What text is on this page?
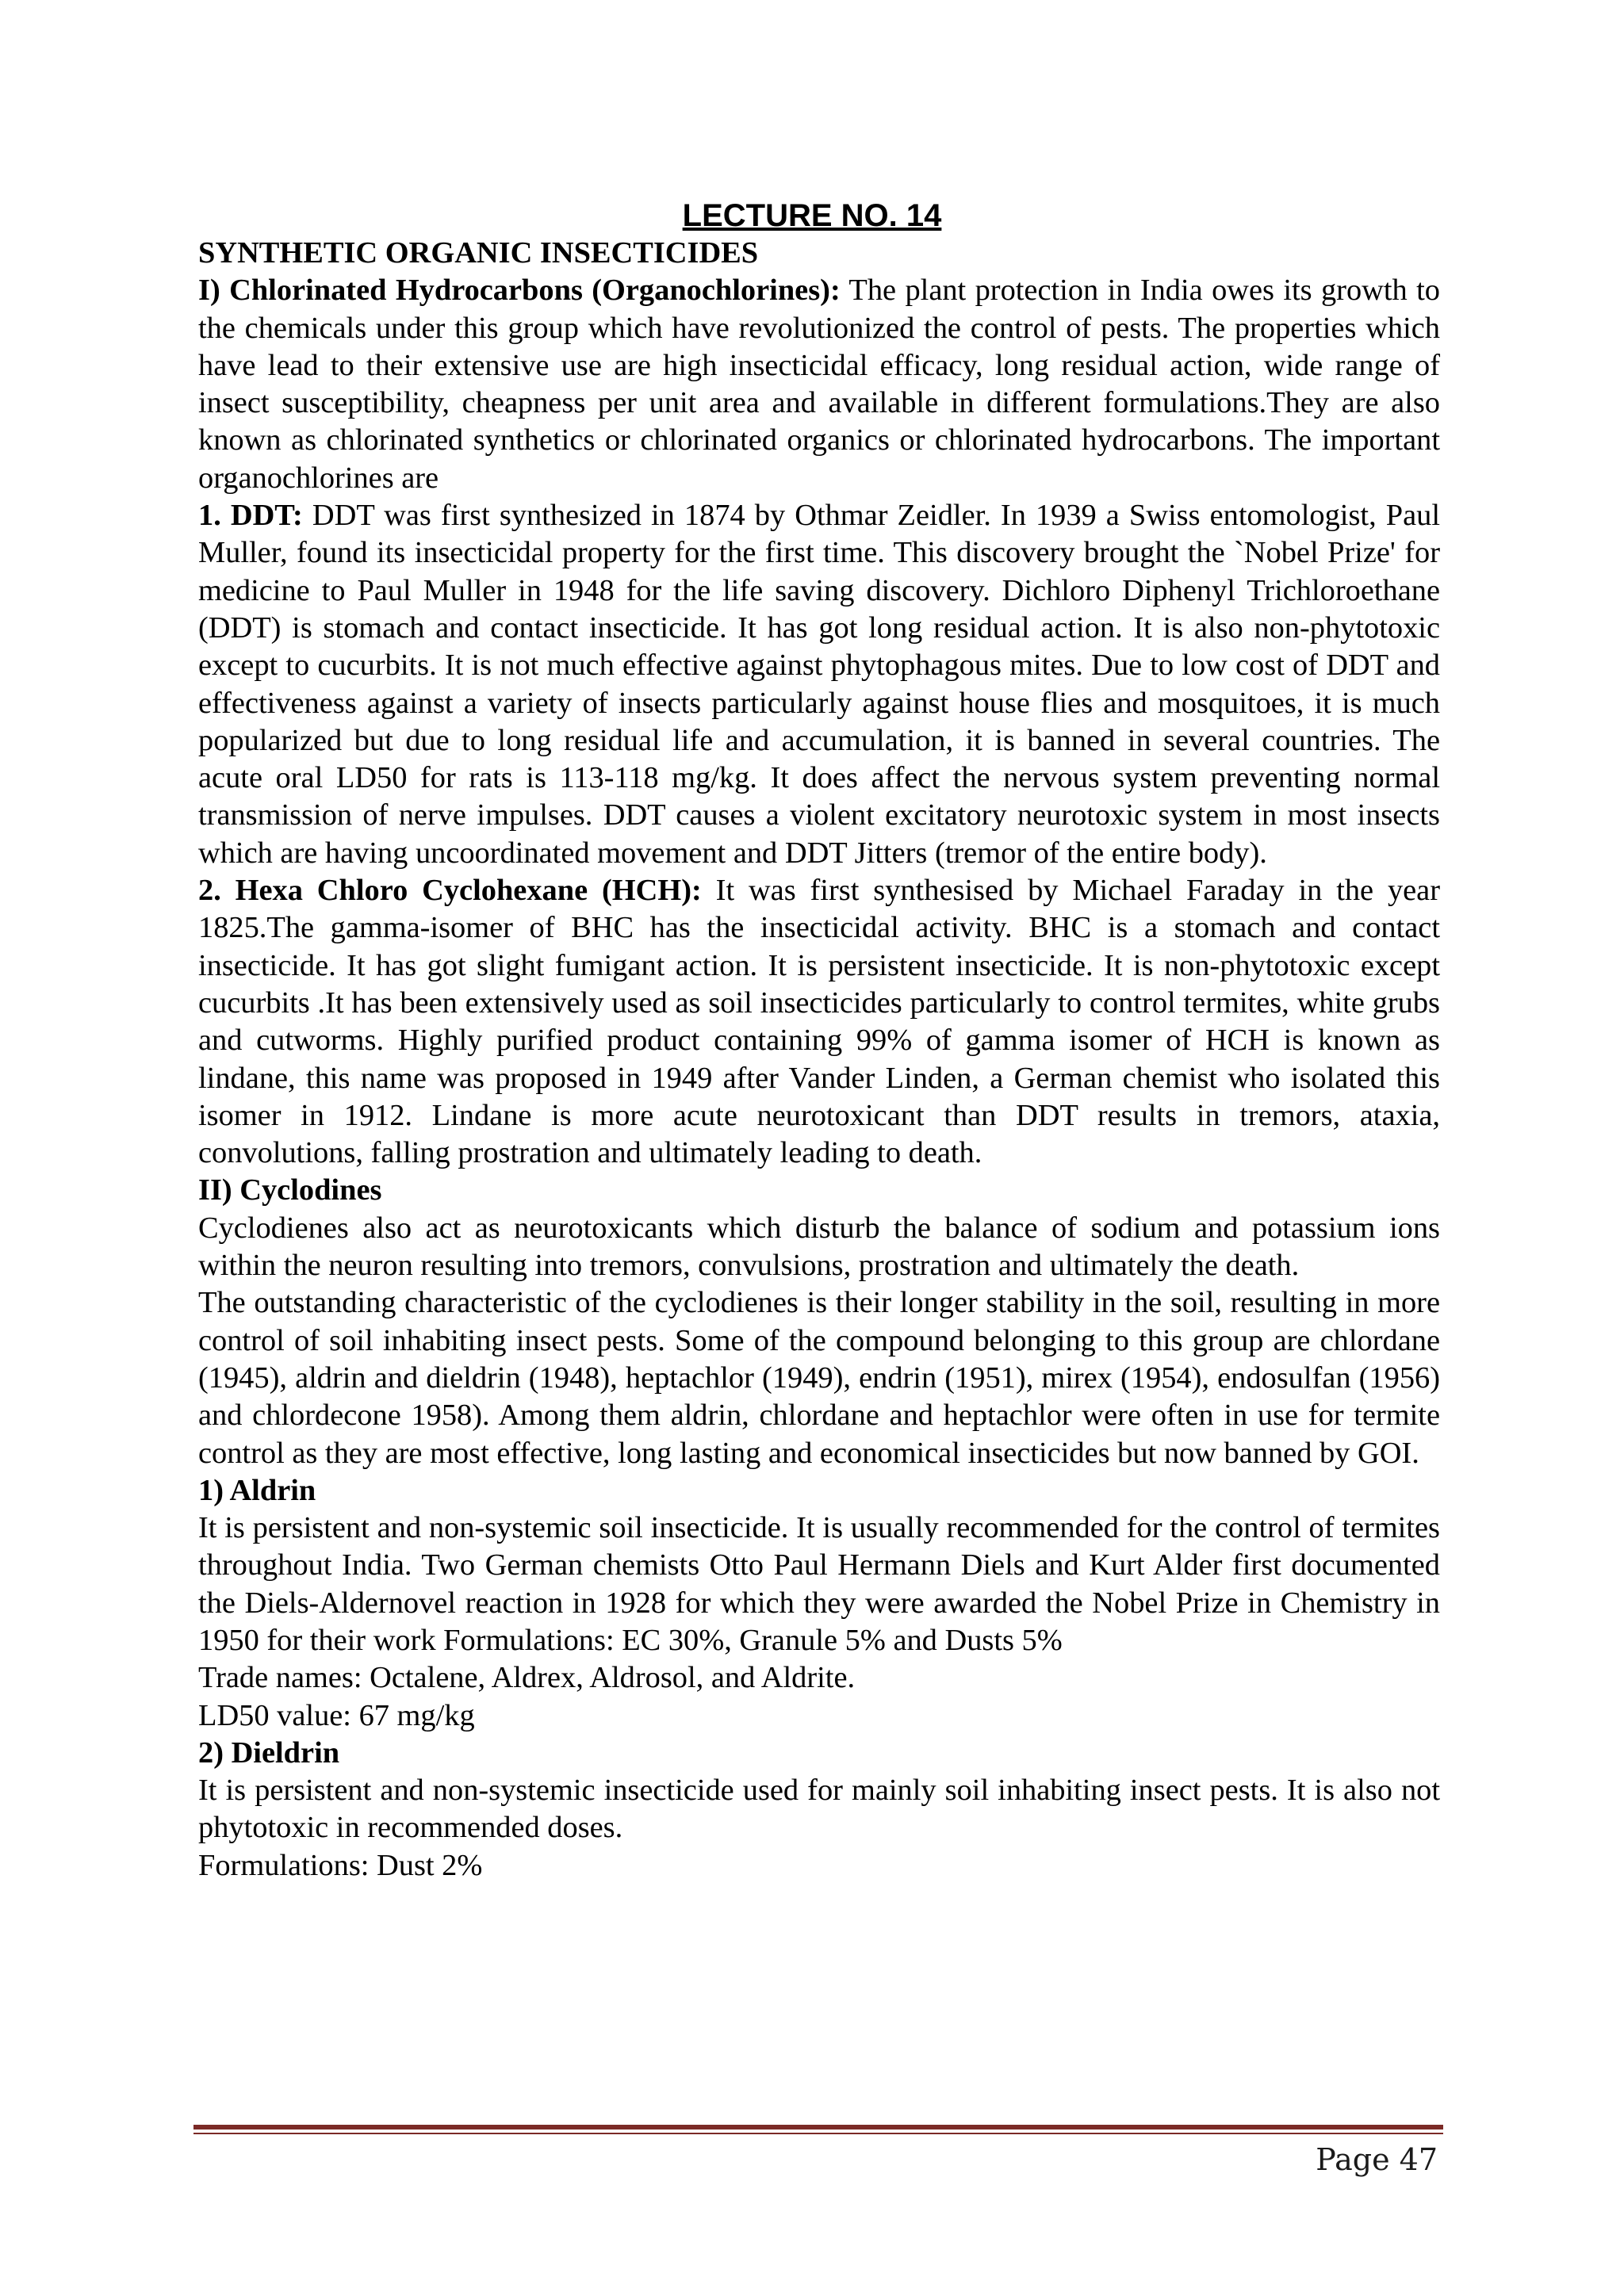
LECTURE NO. 14

SYNTHETIC ORGANIC INSECTICIDES

I) Chlorinated Hydrocarbons (Organochlorines): The plant protection in India owes its growth to the chemicals under this group which have revolutionized the control of pests. The properties which have lead to their extensive use are high insecticidal efficacy, long residual action, wide range of insect susceptibility, cheapness per unit area and available in different formulations.They are also known as chlorinated synthetics or chlorinated organics or chlorinated hydrocarbons. The important organochlorines are

1. DDT: DDT was first synthesized in 1874 by Othmar Zeidler. In 1939 a Swiss entomologist, Paul Muller, found its insecticidal property for the first time. This discovery brought the `Nobel Prize' for medicine to Paul Muller in 1948 for the life saving discovery. Dichloro Diphenyl Trichloroethane (DDT) is stomach and contact insecticide. It has got long residual action. It is also non-phytotoxic except to cucurbits. It is not much effective against phytophagous mites. Due to low cost of DDT and effectiveness against a variety of insects particularly against house flies and mosquitoes, it is much popularized but due to long residual life and accumulation, it is banned in several countries. The acute oral LD50 for rats is 113-118 mg/kg. It does affect the nervous system preventing normal transmission of nerve impulses. DDT causes a violent excitatory neurotoxic system in most insects which are having uncoordinated movement and DDT Jitters (tremor of the entire body).

2. Hexa Chloro Cyclohexane (HCH): It was first synthesised by Michael Faraday in the year 1825.The gamma-isomer of BHC has the insecticidal activity. BHC is a stomach and contact insecticide. It has got slight fumigant action. It is persistent insecticide. It is non-phytotoxic except cucurbits .It has been extensively used as soil insecticides particularly to control termites, white grubs and cutworms. Highly purified product containing 99% of gamma isomer of HCH is known as lindane, this name was proposed in 1949 after Vander Linden, a German chemist who isolated this isomer in 1912. Lindane is more acute neurotoxicant than DDT results in tremors, ataxia, convolutions, falling prostration and ultimately leading to death.

II) Cyclodines

Cyclodienes also act as neurotoxicants which disturb the balance of sodium and potassium ions within the neuron resulting into tremors, convulsions, prostration and ultimately the death.

The outstanding characteristic of the cyclodienes is their longer stability in the soil, resulting in more control of soil inhabiting insect pests. Some of the compound belonging to this group are chlordane (1945), aldrin and dieldrin (1948), heptachlor (1949), endrin (1951), mirex (1954), endosulfan (1956) and chlordecone 1958). Among them aldrin, chlordane and heptachlor were often in use for termite control as they are most effective, long lasting and economical insecticides but now banned by GOI.

1) Aldrin

It is persistent and non-systemic soil insecticide. It is usually recommended for the control of termites throughout India. Two German chemists Otto Paul Hermann Diels and Kurt Alder first documented the Diels-Aldernovel reaction in 1928 for which they were awarded the Nobel Prize in Chemistry in 1950 for their work Formulations: EC 30%, Granule 5% and Dusts 5%

Trade names: Octalene, Aldrex, Aldrosol, and Aldrite.

LD50 value: 67 mg/kg

2) Dieldrin

It is persistent and non-systemic insecticide used for mainly soil inhabiting insect pests. It is also not phytotoxic in recommended doses.

Formulations: Dust 2%

Page 47
